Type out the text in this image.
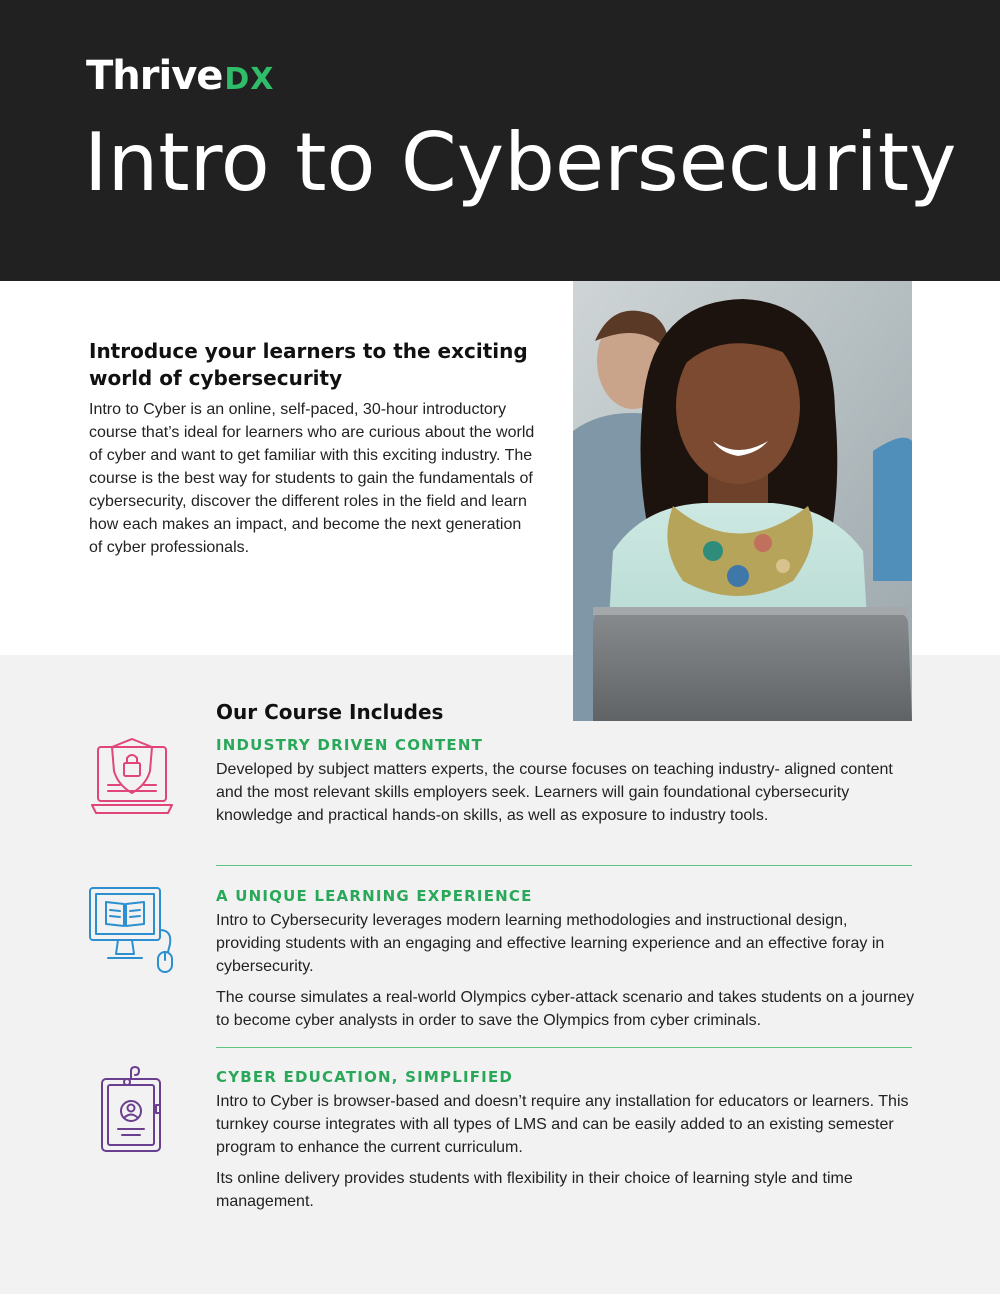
Thrive DX
Intro to Cybersecurity
Introduce your learners to the exciting world of cybersecurity
Intro to Cyber is an online, self-paced, 30-hour introductory course that’s ideal for learners who are curious about the world of cyber and want to get familiar with this exciting industry. The course is the best way for students to gain the fundamentals of cybersecurity, discover the different roles in the field and learn how each makes an impact, and become the next generation of cyber professionals.
Our Course Includes
INDUSTRY DRIVEN CONTENT

Developed by subject matters experts, the course focuses on teaching industry- aligned content and the most relevant skills employers seek. Learners will gain foundational cybersecurity knowledge and practical hands-on skills, as well as exposure to industry tools.

A UNIQUE LEARNING EXPERIENCE

Intro to Cybersecurity leverages modern learning methodologies and instructional design, providing students with an engaging and effective learning experience and an effective foray in cybersecurity.

The course simulates a real-world Olympics cyber-attack scenario and takes students on a journey to become cyber analysts in order to save the Olympics from cyber criminals.

CYBER EDUCATION, SIMPLIFIED

Intro to Cyber is browser-based and doesn’t require any installation for educators or learners. This turnkey course integrates with all types of LMS and can be easily added to an existing semester program to enhance the current curriculum.

Its online delivery provides students with flexibility in their choice of learning style and time management.
